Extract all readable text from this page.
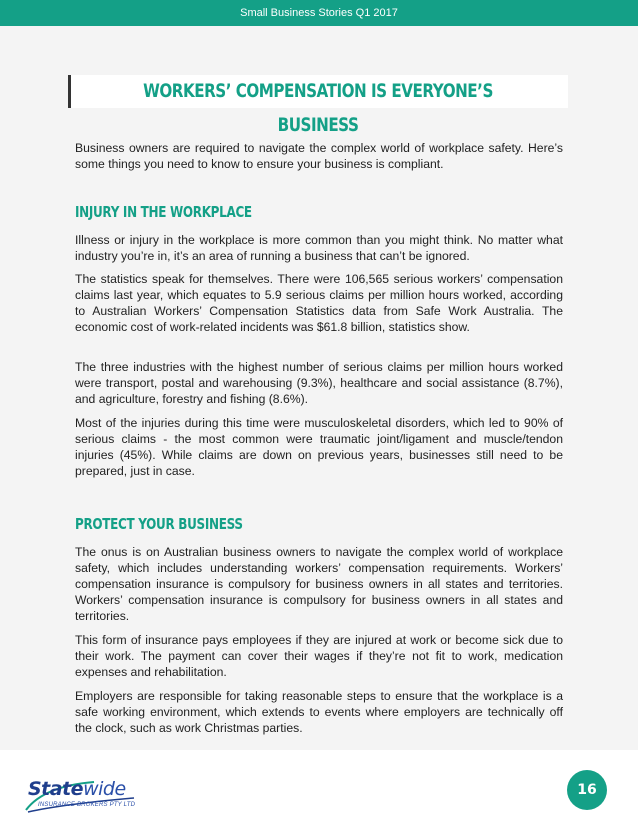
Small Business Stories Q1 2017
WORKERS’ COMPENSATION IS EVERYONE’S BUSINESS

Business owners are required to navigate the complex world of workplace safety. Here’s some things you need to know to ensure your business is compliant.

INJURY IN THE WORKPLACE

Illness or injury in the workplace is more common than you might think. No matter what industry you’re in, it’s an area of running a business that can’t be ignored.

The statistics speak for themselves. There were 106,565 serious workers’ compensation claims last year, which equates to 5.9 serious claims per million hours worked, according to Australian Workers’ Compensation Statistics data from Safe Work Australia. The economic cost of work-related incidents was $61.8 billion, statistics show.

The three industries with the highest number of serious claims per million hours worked were transport, postal and warehousing (9.3%), healthcare and social assistance (8.7%), and agriculture, forestry and fishing (8.6%).

Most of the injuries during this time were musculoskeletal disorders, which led to 90% of serious claims - the most common were traumatic joint/ligament and muscle/tendon injuries (45%). While claims are down on previous years, businesses still need to be prepared, just in case.

PROTECT YOUR BUSINESS

The onus is on Australian business owners to navigate the complex world of workplace safety, which includes understanding workers’ compensation requirements. Workers’ compensation insurance is compulsory for business owners in all states and territories. Workers’ compensation insurance is compulsory for business owners in all states and territories.

This form of insurance pays employees if they are injured at work or become sick due to their work. The payment can cover their wages if they’re not fit to work, medication expenses and rehabilitation.

Employers are responsible for taking reasonable steps to ensure that the workplace is a safe working environment, which extends to events where employers are technically off the clock, such as work Christmas parties.

Statewide
INSURANCE BROKERS PTY LTD
16
